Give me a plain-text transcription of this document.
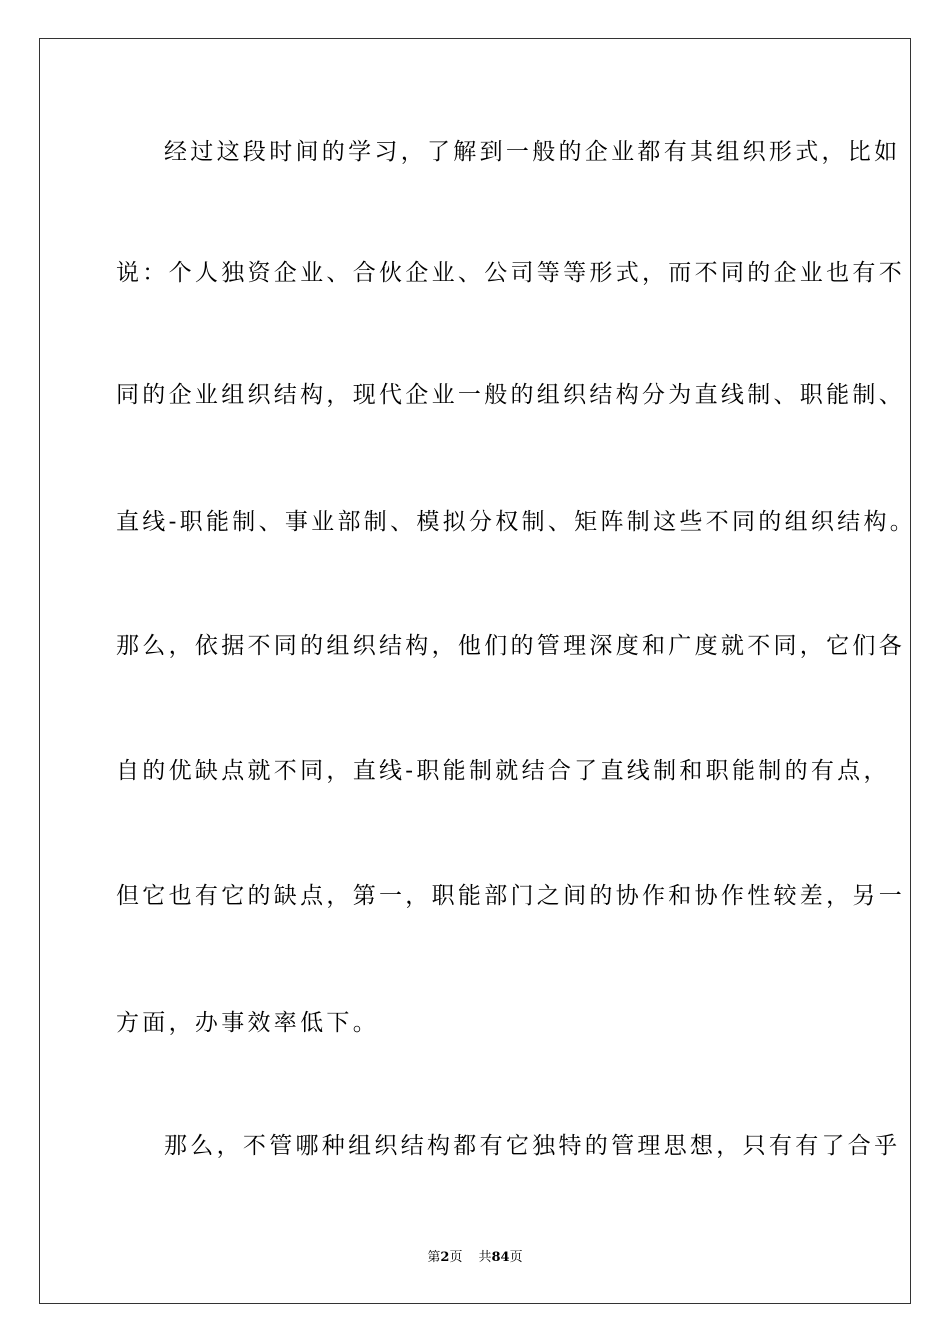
经过这段时间的学习，了解到一般的企业都有其组织形式，比如
说：个人独资企业、合伙企业、公司等等形式，而不同的企业也有不
同的企业组织结构，现代企业一般的组织结构分为直线制、职能制、
直线-职能制、事业部制、模拟分权制、矩阵制这些不同的组织结构。
那么，依据不同的组织结构，他们的管理深度和广度就不同，它们各
自的优缺点就不同，直线-职能制就结合了直线制和职能制的有点，
但它也有它的缺点，第一，职能部门之间的协作和协作性较差，另一
方面，办事效率低下。
那么，不管哪种组织结构都有它独特的管理思想，只有有了合乎
第2页 共84页
